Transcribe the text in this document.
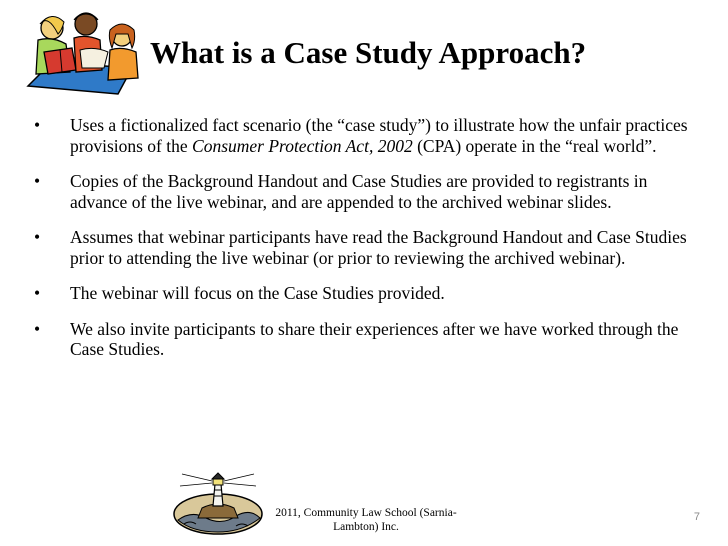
What is a Case Study Approach?
•	Uses a fictionalized fact scenario (the “case study”) to illustrate how the unfair practices provisions of the Consumer Protection Act, 2002 (CPA) operate in the “real world”.
•	Copies of the Background Handout and Case Studies are provided to registrants in advance of the live webinar, and are appended to the archived webinar slides.
•	Assumes that webinar participants have read the Background Handout and Case Studies prior to attending the live webinar (or prior to reviewing the archived webinar).
•	The webinar will focus on the Case Studies provided.
•	We also invite participants to share their experiences after we have worked through the Case Studies.
2011, Community Law School (Sarnia-Lambton) Inc.
7
